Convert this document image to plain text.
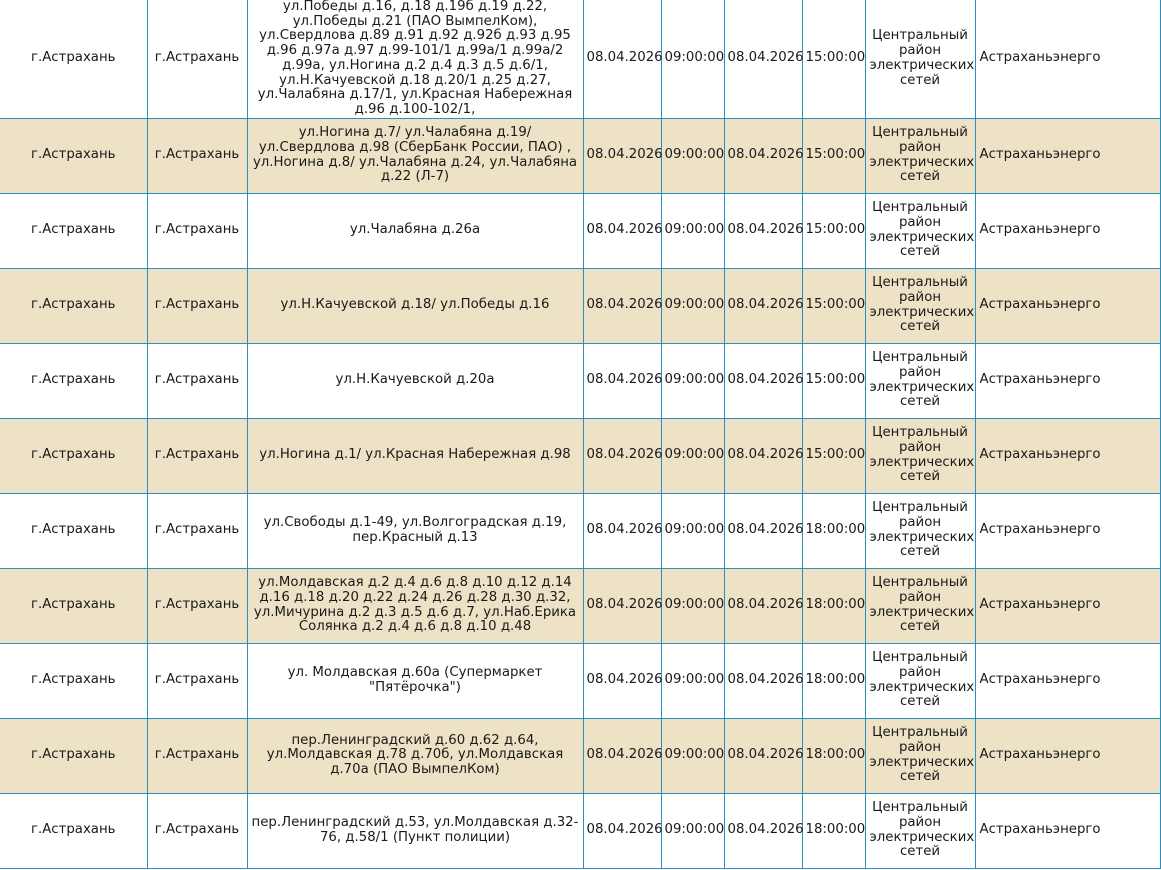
г.Астрахань	г.Астрахань	ул.Победы д.16, д.18 д.19б д.19 д.22, ул.Победы д.21 (ПАО ВымпелКом), ул.Свердлова д.89 д.91 д.92 д.92б д.93 д.95 д.96 д.97а д.97 д.99-101/1 д.99а/1 д.99а/2 д.99а, ул.Ногина д.2 д.4 д.3 д.5 д.6/1, ул.Н.Качуевской д.18 д.20/1 д.25 д.27, ул.Чалабяна д.17/1, ул.Красная Набережная д.96 д.100-102/1,	08.04.2026	09:00:00	08.04.2026	15:00:00	Центральный район электрических сетей	Астраханьэнерго
г.Астрахань	г.Астрахань	ул.Ногина д.7/ ул.Чалабяна д.19/ ул.Свердлова д.98 (СберБанк России, ПАО) , ул.Ногина д.8/ ул.Чалабяна д.24, ул.Чалабяна д.22 (Л-7)	08.04.2026	09:00:00	08.04.2026	15:00:00	Центральный район электрических сетей	Астраханьэнерго
г.Астрахань	г.Астрахань	ул.Чалабяна д.26а	08.04.2026	09:00:00	08.04.2026	15:00:00	Центральный район электрических сетей	Астраханьэнерго
г.Астрахань	г.Астрахань	ул.Н.Качуевской д.18/ ул.Победы д.16	08.04.2026	09:00:00	08.04.2026	15:00:00	Центральный район электрических сетей	Астраханьэнерго
г.Астрахань	г.Астрахань	ул.Н.Качуевской д.20а	08.04.2026	09:00:00	08.04.2026	15:00:00	Центральный район электрических сетей	Астраханьэнерго
г.Астрахань	г.Астрахань	ул.Ногина д.1/ ул.Красная Набережная д.98	08.04.2026	09:00:00	08.04.2026	15:00:00	Центральный район электрических сетей	Астраханьэнерго
г.Астрахань	г.Астрахань	ул.Свободы д.1-49, ул.Волгоградская д.19, пер.Красный д.13	08.04.2026	09:00:00	08.04.2026	18:00:00	Центральный район электрических сетей	Астраханьэнерго
г.Астрахань	г.Астрахань	ул.Молдавская д.2 д.4 д.6 д.8 д.10 д.12 д.14 д.16 д.18 д.20 д.22 д.24 д.26 д.28 д.30 д.32, ул.Мичурина д.2 д.3 д.5 д.6 д.7, ул.Наб.Ерика Солянка д.2 д.4 д.6 д.8 д.10 д.48	08.04.2026	09:00:00	08.04.2026	18:00:00	Центральный район электрических сетей	Астраханьэнерго
г.Астрахань	г.Астрахань	ул. Молдавская д.60а (Супермаркет "Пятёрочка")	08.04.2026	09:00:00	08.04.2026	18:00:00	Центральный район электрических сетей	Астраханьэнерго
г.Астрахань	г.Астрахань	пер.Ленинградский д.60 д.62 д.64, ул.Молдавская д.78 д.70б, ул.Молдавская д.70а (ПАО ВымпелКом)	08.04.2026	09:00:00	08.04.2026	18:00:00	Центральный район электрических сетей	Астраханьэнерго
г.Астрахань	г.Астрахань	пер.Ленинградский д.53, ул.Молдавская д.32-76, д.58/1 (Пункт полиции)	08.04.2026	09:00:00	08.04.2026	18:00:00	Центральный район электрических сетей	Астраханьэнерго
